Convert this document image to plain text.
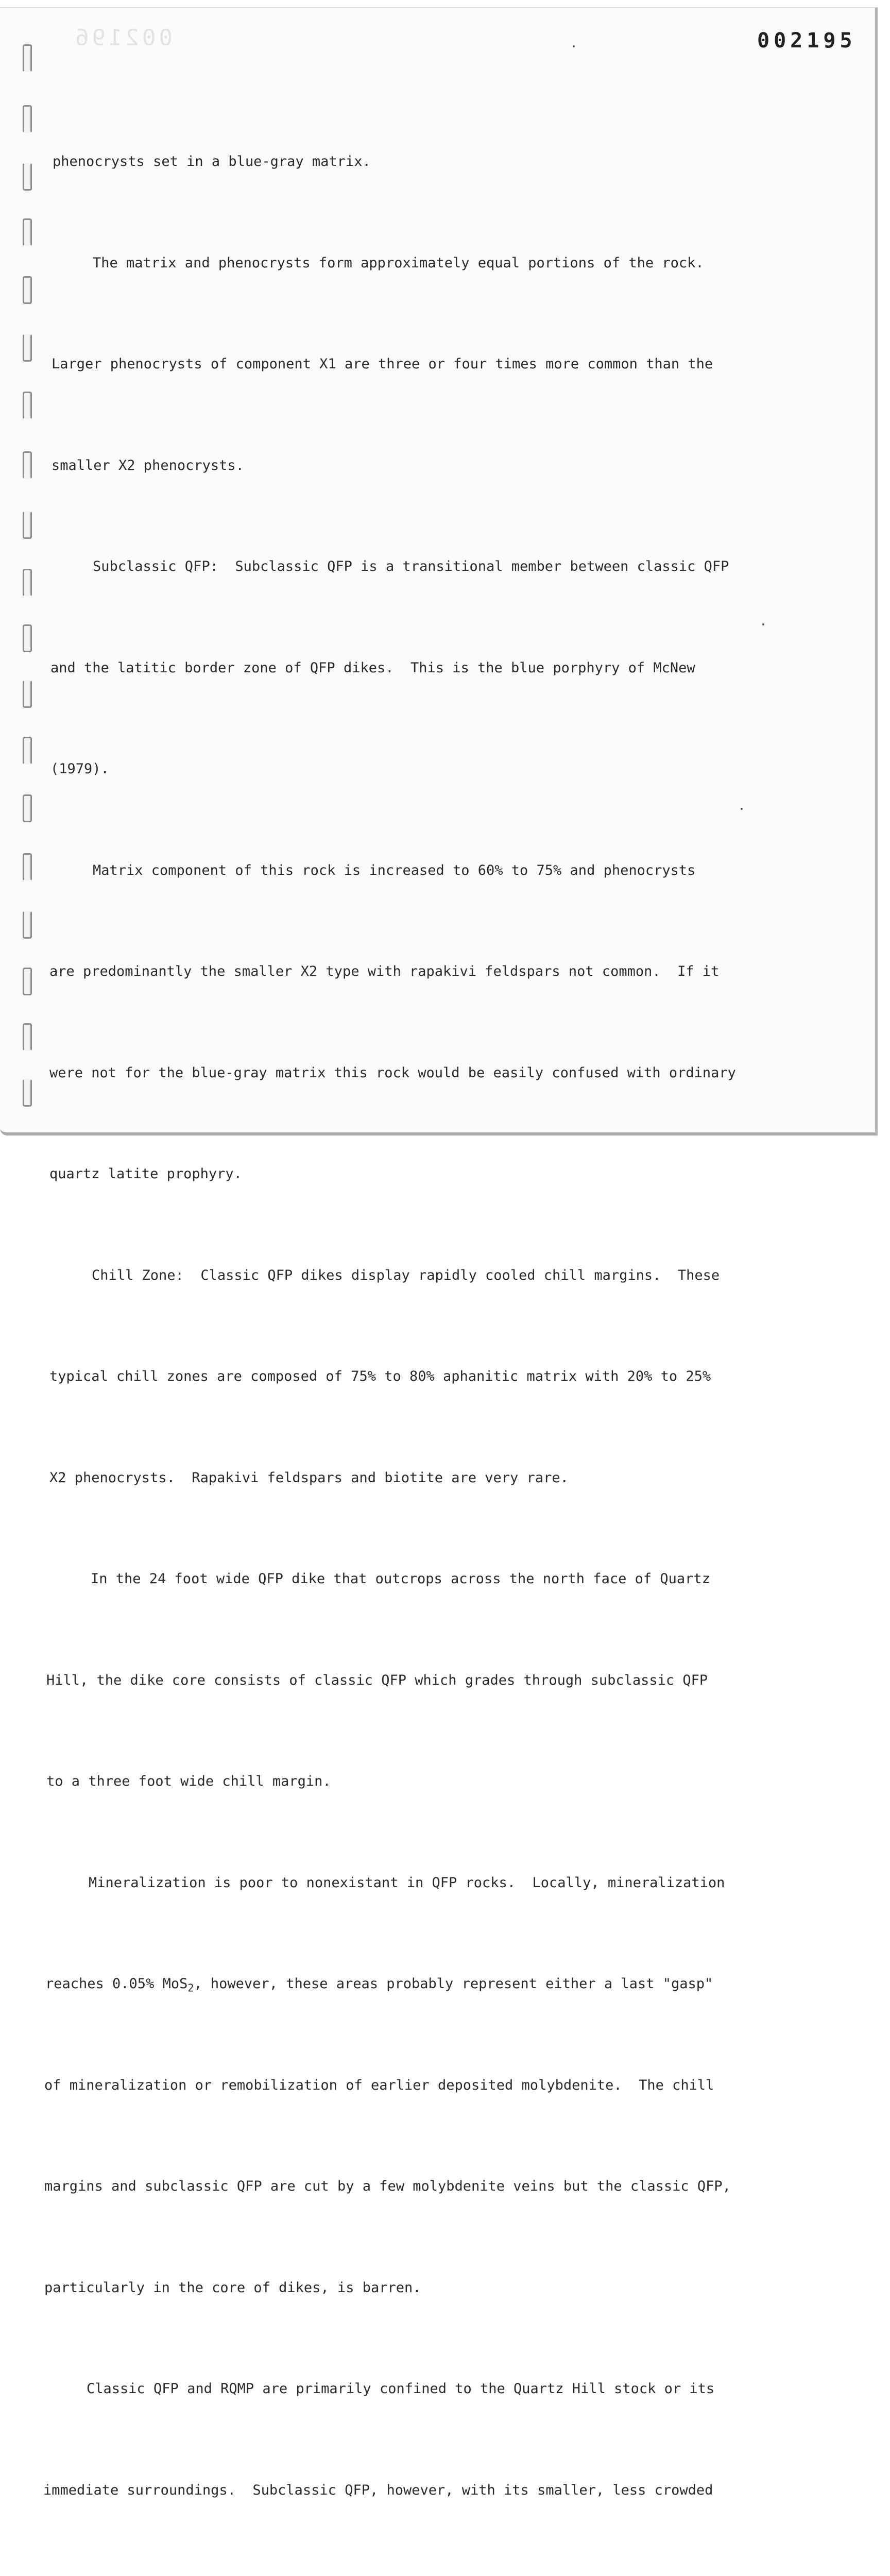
002196	002195

phenocrysts set in a blue-gray matrix.

The matrix and phenocrysts form approximately equal portions of the rock.

Larger phenocrysts of component X1 are three or four times more common than the

smaller X2 phenocrysts.

Subclassic QFP:  Subclassic QFP is a transitional member between classic QFP

and the latitic border zone of QFP dikes.  This is the blue porphyry of McNew

(1979).

Matrix component of this rock is increased to 60% to 75% and phenocrysts

are predominantly the smaller X2 type with rapakivi feldspars not common.  If it

were not for the blue-gray matrix this rock would be easily confused with ordinary

quartz latite prophyry.

Chill Zone:  Classic QFP dikes display rapidly cooled chill margins.  These

typical chill zones are composed of 75% to 80% aphanitic matrix with 20% to 25%

X2 phenocrysts.  Rapakivi feldspars and biotite are very rare.

In the 24 foot wide QFP dike that outcrops across the north face of Quartz

Hill, the dike core consists of classic QFP which grades through subclassic QFP

to a three foot wide chill margin.

Mineralization is poor to nonexistant in QFP rocks.  Locally, mineralization

reaches 0.05% MoS$_2$, however, these areas probably represent either a last "gasp"

of mineralization or remobilization of earlier deposited molybdenite.  The chill

margins and subclassic QFP are cut by a few molybdenite veins but the classic QFP,

particularly in the core of dikes, is barren.

Classic QFP and RQMP are primarily confined to the Quartz Hill stock or its

immediate surroundings.  Subclassic QFP, however, with its smaller, less crowded
